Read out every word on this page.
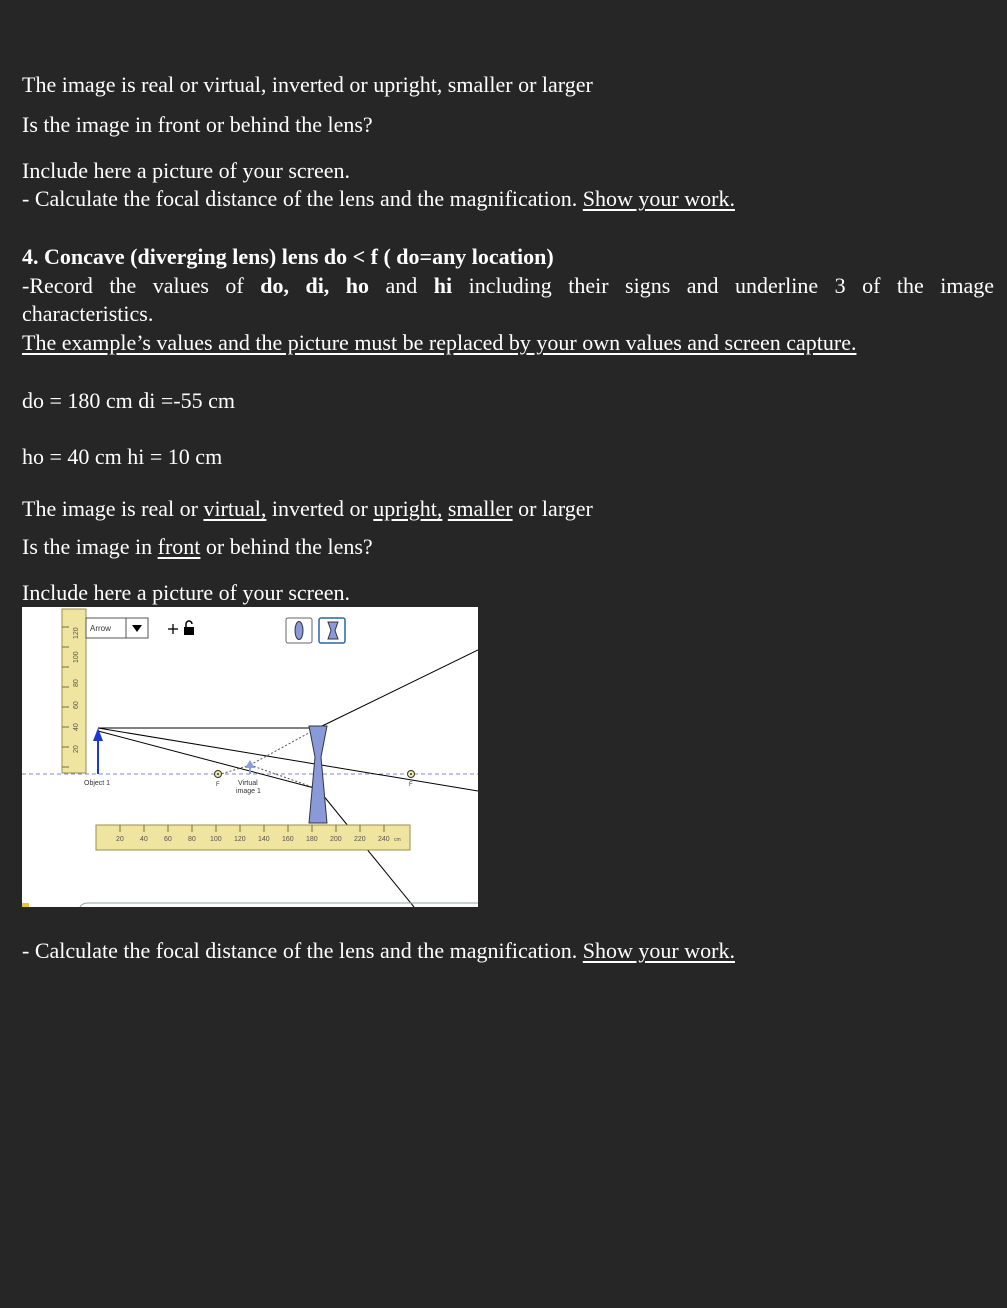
The image is real or virtual, inverted or upright, smaller or larger
Is the image in front or behind the lens?
Include here a picture of your screen.
- Calculate the focal distance of the lens and the magnification. Show your work.
4. Concave (diverging lens) lens do < f ( do=any location)
-Record the values of do, di, ho and hi including their signs and underline 3 of the image
characteristics.
The example’s values and the picture must be replaced by your own values and screen capture.
do = 180 cm di =-55 cm
ho = 40 cm hi = 10 cm
The image is real or virtual, inverted or upright, smaller or larger
Is the image in front or behind the lens?
Include here a picture of your screen.
20
40
60
80
100
120 Arrow
Object 1	Virtual
image 1
F	F
20 40 60 80 100 120 140 160 180 200 220 240 cm
- Calculate the focal distance of the lens and the magnification. Show your work.
